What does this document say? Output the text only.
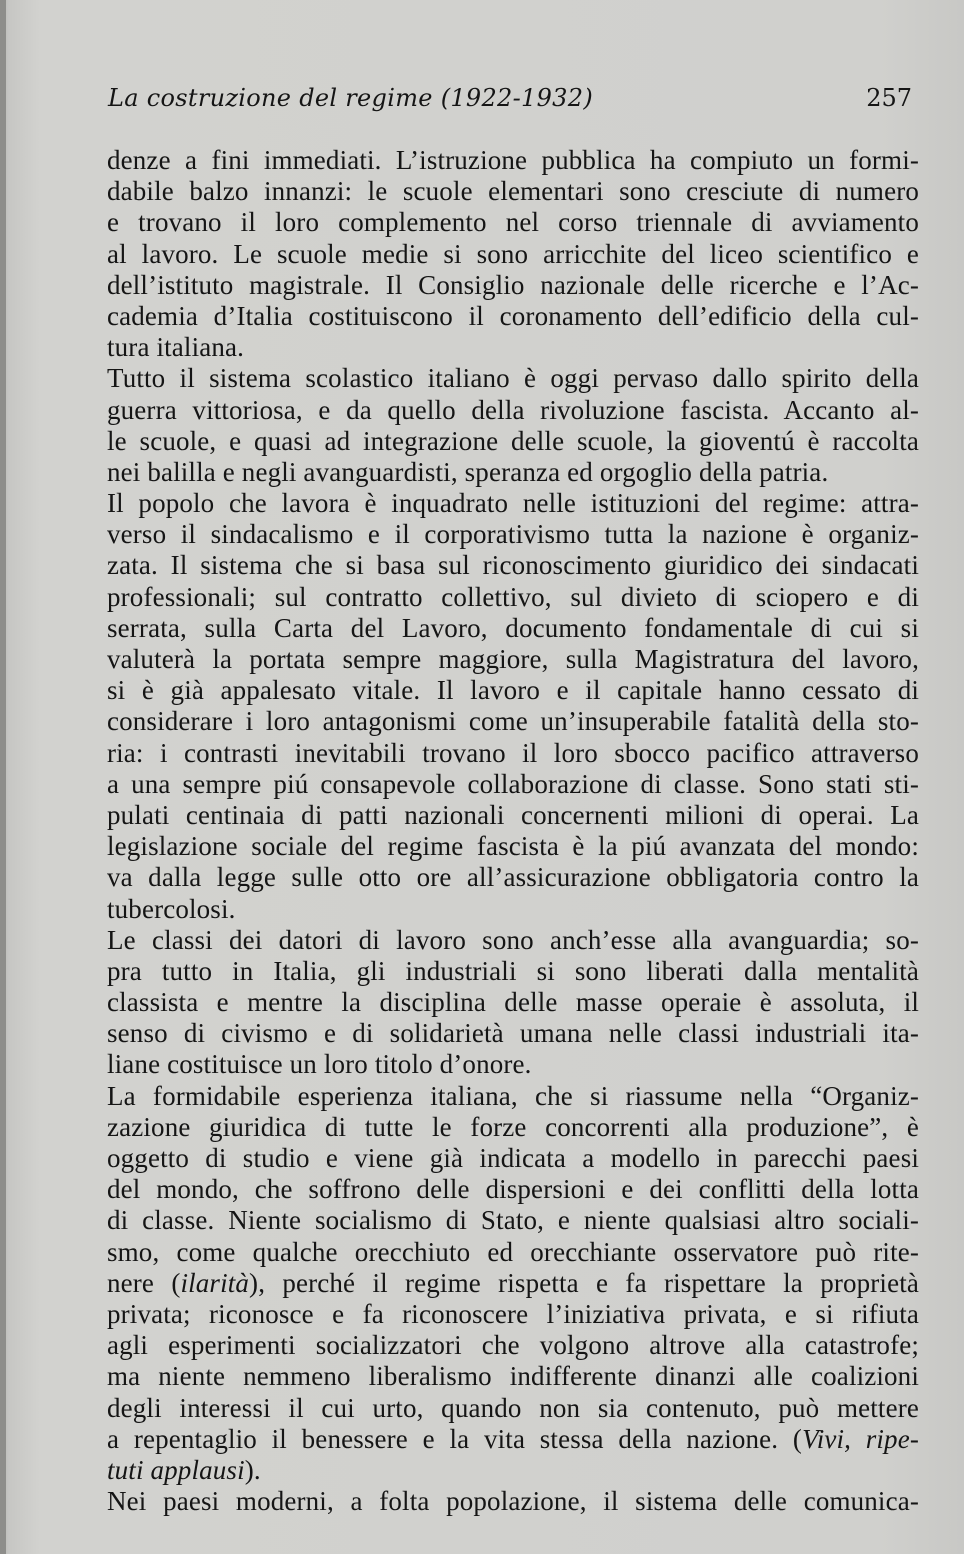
La costruzione del regime (1922-1932)	257
denze a fini immediati. L’istruzione pubblica ha compiuto un formi-
dabile balzo innanzi: le scuole elementari sono cresciute di numero
e trovano il loro complemento nel corso triennale di avviamento
al lavoro. Le scuole medie si sono arricchite del liceo scientifico e
dell’istituto magistrale. Il Consiglio nazionale delle ricerche e l’Ac-
cademia d’Italia costituiscono il coronamento dell’edificio della cul-
tura italiana.
Tutto il sistema scolastico italiano è oggi pervaso dallo spirito della
guerra vittoriosa, e da quello della rivoluzione fascista. Accanto al-
le scuole, e quasi ad integrazione delle scuole, la gioventú è raccolta
nei balilla e negli avanguardisti, speranza ed orgoglio della patria.
Il popolo che lavora è inquadrato nelle istituzioni del regime: attra-
verso il sindacalismo e il corporativismo tutta la nazione è organiz-
zata. Il sistema che si basa sul riconoscimento giuridico dei sindacati
professionali; sul contratto collettivo, sul divieto di sciopero e di
serrata, sulla Carta del Lavoro, documento fondamentale di cui si
valuterà la portata sempre maggiore, sulla Magistratura del lavoro,
si è già appalesato vitale. Il lavoro e il capitale hanno cessato di
considerare i loro antagonismi come un’insuperabile fatalità della sto-
ria: i contrasti inevitabili trovano il loro sbocco pacifico attraverso
a una sempre piú consapevole collaborazione di classe. Sono stati sti-
pulati centinaia di patti nazionali concernenti milioni di operai. La
legislazione sociale del regime fascista è la piú avanzata del mondo:
va dalla legge sulle otto ore all’assicurazione obbligatoria contro la
tubercolosi.
Le classi dei datori di lavoro sono anch’esse alla avanguardia; so-
pra tutto in Italia, gli industriali si sono liberati dalla mentalità
classista e mentre la disciplina delle masse operaie è assoluta, il
senso di civismo e di solidarietà umana nelle classi industriali ita-
liane costituisce un loro titolo d’onore.
La formidabile esperienza italiana, che si riassume nella “Organiz-
zazione giuridica di tutte le forze concorrenti alla produzione”, è
oggetto di studio e viene già indicata a modello in parecchi paesi
del mondo, che soffrono delle dispersioni e dei conflitti della lotta
di classe. Niente socialismo di Stato, e niente qualsiasi altro sociali-
smo, come qualche orecchiuto ed orecchiante osservatore può rite-
nere (ilarità), perché il regime rispetta e fa rispettare la proprietà
privata; riconosce e fa riconoscere l’iniziativa privata, e si rifiuta
agli esperimenti socializzatori che volgono altrove alla catastrofe;
ma niente nemmeno liberalismo indifferente dinanzi alle coalizioni
degli interessi il cui urto, quando non sia contenuto, può mettere
a repentaglio il benessere e la vita stessa della nazione. (Vivi, ripe-
tuti applausi).
Nei paesi moderni, a folta popolazione, il sistema delle comunica-
